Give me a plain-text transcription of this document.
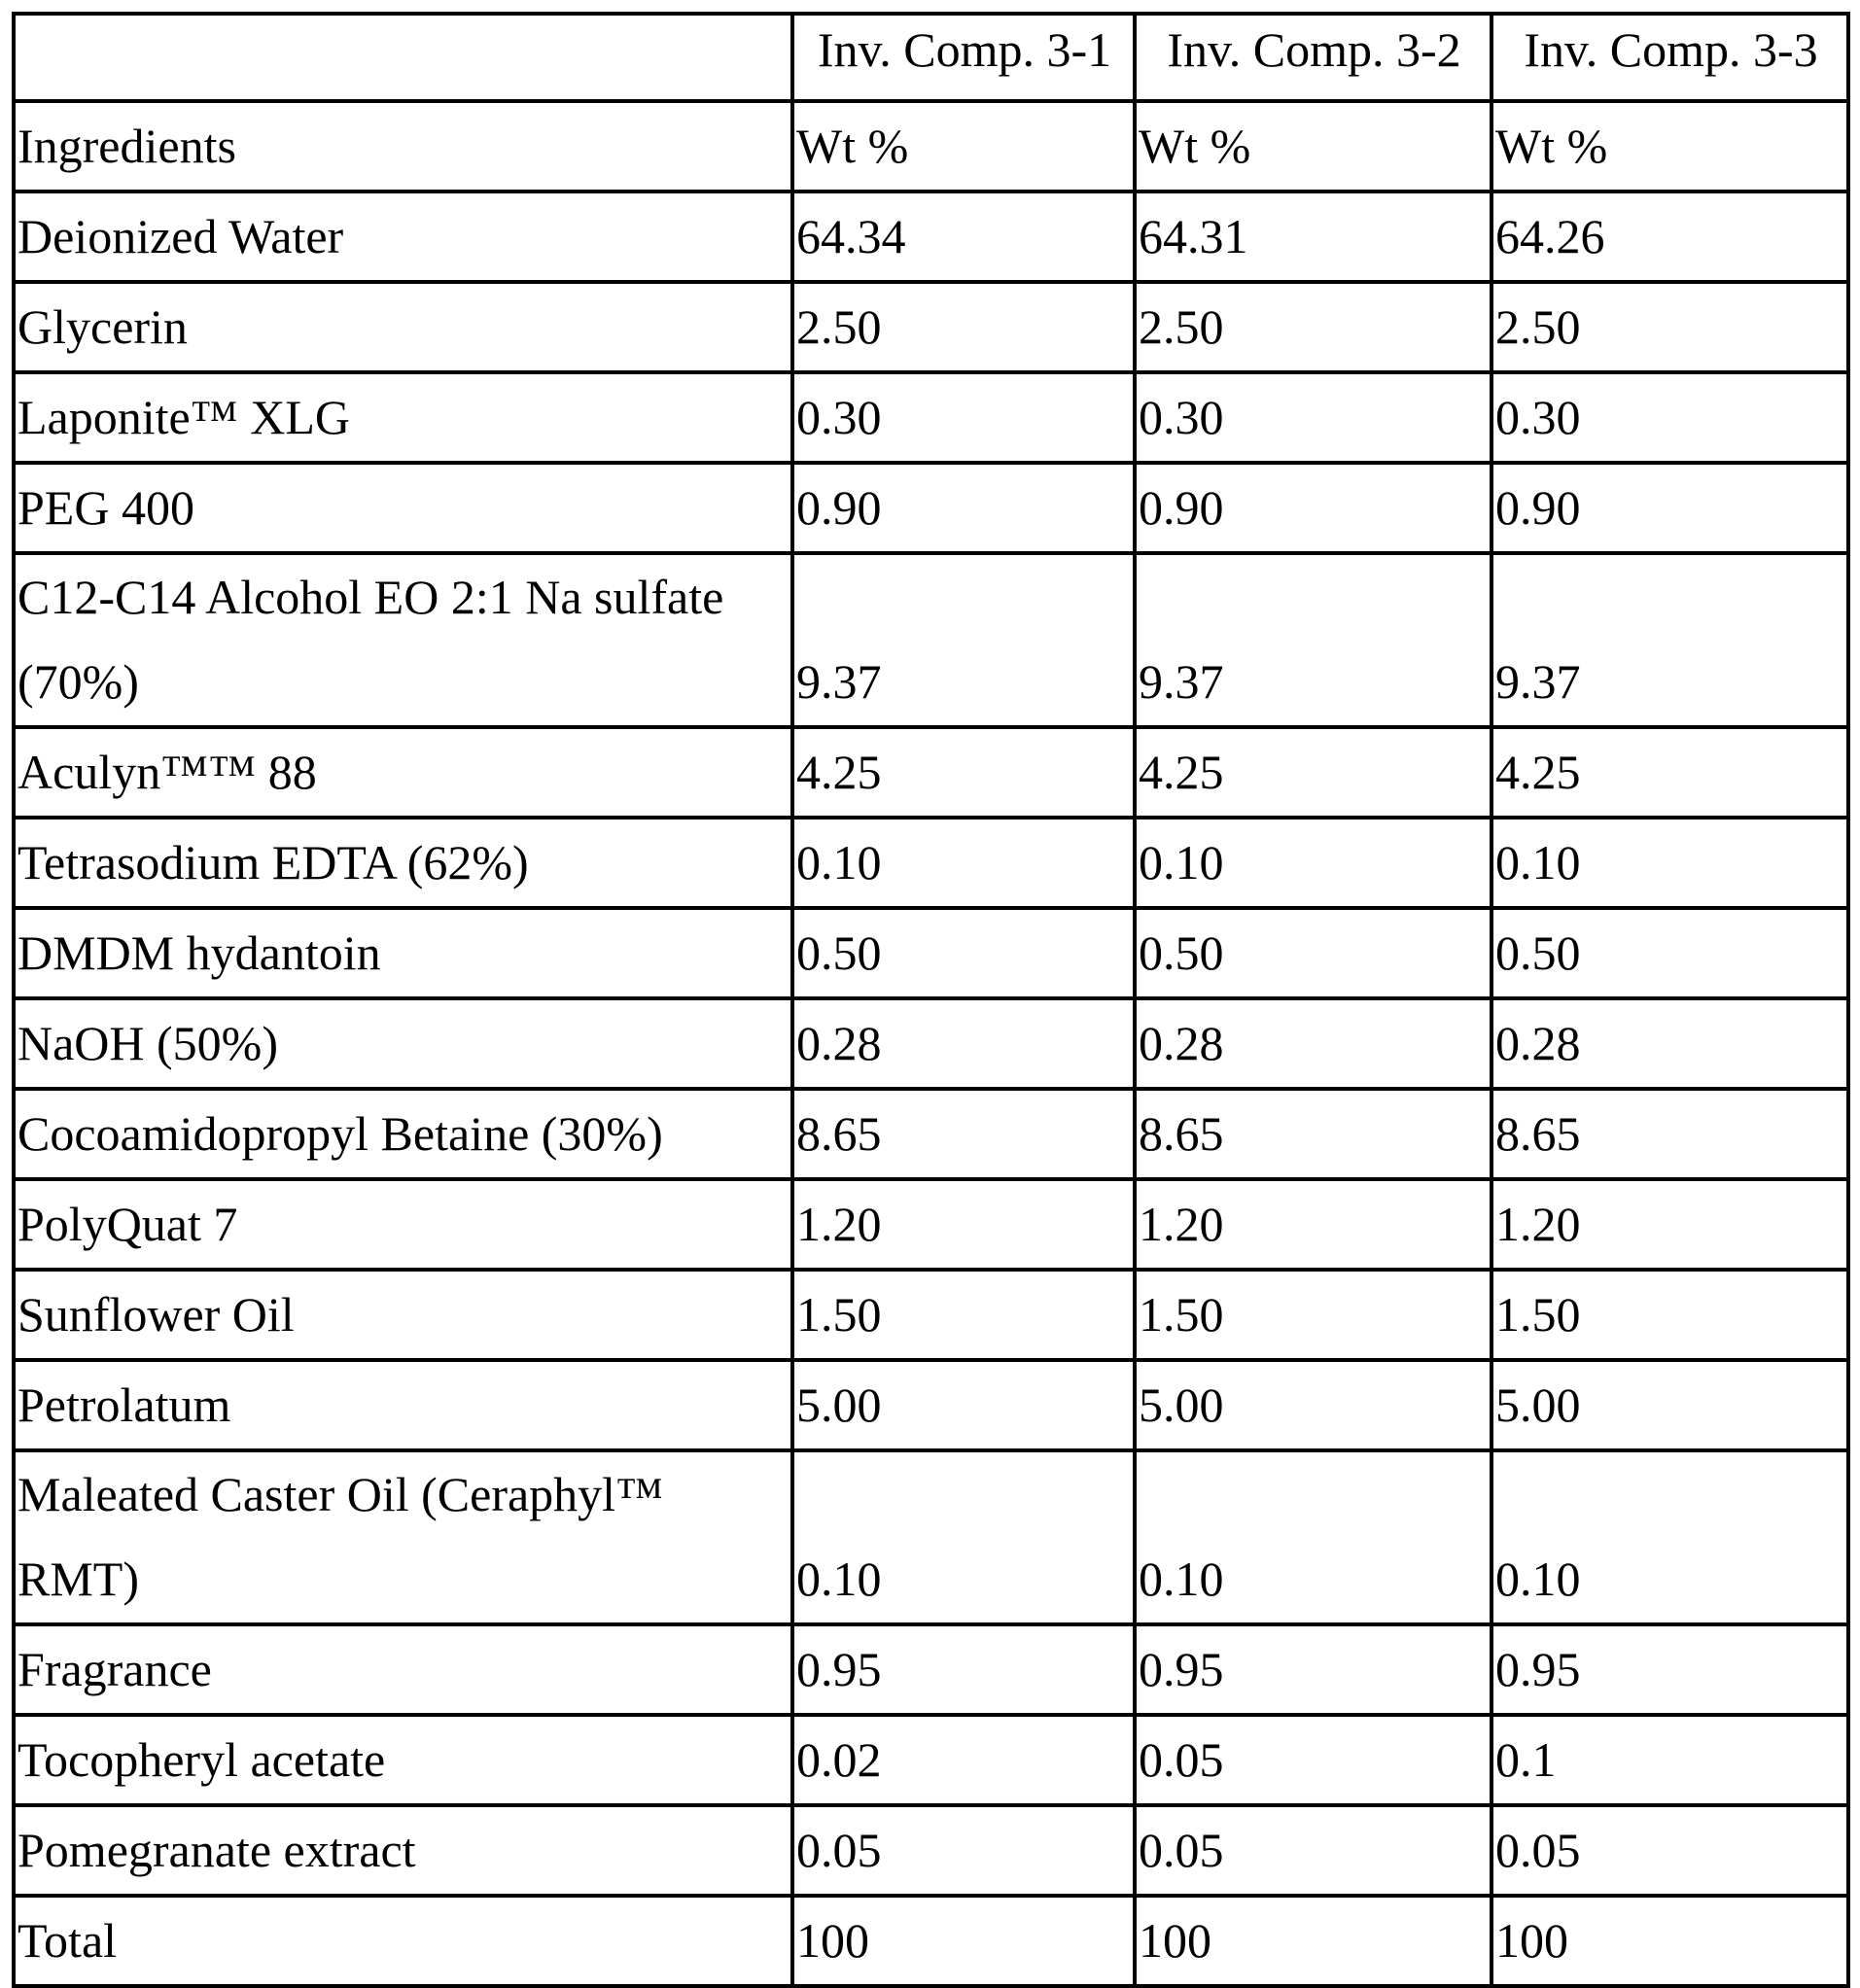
	Inv. Comp. 3-1	Inv. Comp. 3-2	Inv. Comp. 3-3
Ingredients	Wt %	Wt %	Wt %
Deionized Water	64.34	64.31	64.26
Glycerin	2.50	2.50	2.50
Laponite™ XLG	0.30	0.30	0.30
PEG 400	0.90	0.90	0.90
C12-C14 Alcohol EO 2:1 Na sulfate (70%)	9.37	9.37	9.37
Aculyn™™ 88	4.25	4.25	4.25
Tetrasodium EDTA (62%)	0.10	0.10	0.10
DMDM hydantoin	0.50	0.50	0.50
NaOH (50%)	0.28	0.28	0.28
Cocoamidopropyl Betaine (30%)	8.65	8.65	8.65
PolyQuat 7	1.20	1.20	1.20
Sunflower Oil	1.50	1.50	1.50
Petrolatum	5.00	5.00	5.00
Maleated Caster Oil (Ceraphyl™ RMT)	0.10	0.10	0.10
Fragrance	0.95	0.95	0.95
Tocopheryl acetate	0.02	0.05	0.1
Pomegranate extract	0.05	0.05	0.05
Total	100	100	100
